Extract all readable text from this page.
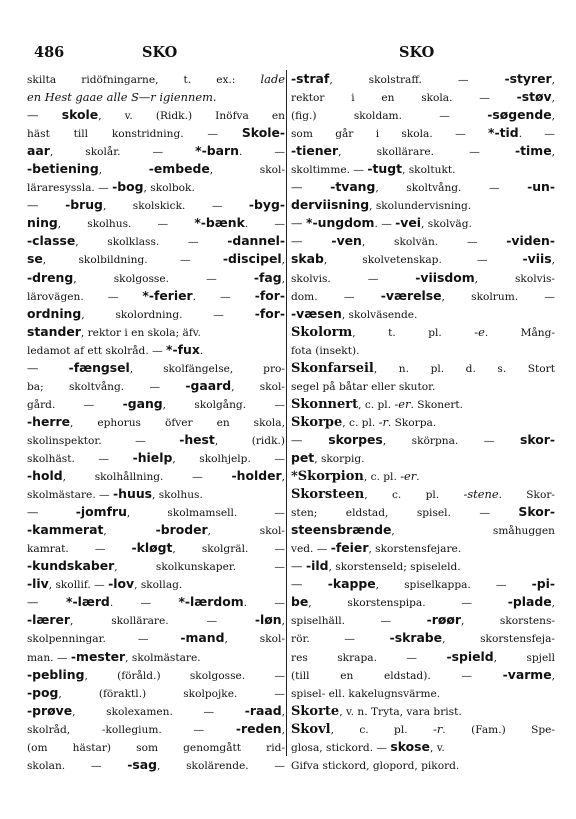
486	SKO	SKO
skilta ridöfningarne, t. ex.: lade
en Hest gaae alle S—r igiennem.
— skole, v. (Ridk.) Inöfva en
häst till konstridning. — Skole-
aar, skolår. — *-barn. —
-betiening, -embede, skol-
läraresyssla. — -bog, skolbok.
— -brug, skolskick. — -byg-
ning, skolhus. — *-bænk. —
-classe, skolklass. — -dannel-
se, skolbildning. — -discipel,
-dreng, skolgosse. — -fag,
lärovägen. — *-ferier. — -for-
ordning, skolordning. — -for-
stander, rektor i en skola; äfv.
ledamot af ett skolråd. — *-fux.
— -fængsel, skolfängelse, pro-
ba; skoltvång. — -gaard, skol-
gård. — -gang, skolgång. —
-herre, ephorus öfver en skola,
skolinspektor. — -hest, (ridk.)
skolhäst. — -hielp, skolhjelp. —
-hold, skolhållning. — -holder,
skolmästare. — -huus, skolhus.
— -jomfru, skolmamsell. —
-kammerat, -broder, skol-
kamrat. — -kløgt, skolgräl. —
-kundskaber, skolkunskaper. —
-liv, skollif. — -lov, skollag.
— *-lærd. — *-lærdom. —
-lærer, skollärare. — -løn,
skolpenningar. — -mand, skol-
man. — -mester, skolmästare.
-pebling, (föråld.) skolgosse. —
-pog, (föraktl.) skolpojke. —
-prøve, skolexamen. — -raad,
skolråd, -kollegium. — -reden,
(om hästar) som genomgått rid-
skolan. — -sag, skolärende. —
-straf, skolstraff. — -styrer,
rektor i en skola. — -støv,
(fig.) skoldam. — -søgende,
som går i skola. — *-tid. —
-tiener, skollärare. — -time,
skoltimme. — -tugt, skoltukt.
— -tvang, skoltvång. — -un-
derviisning, skolundervisning.
— *-ungdom. — -vei, skolväg.
— -ven, skolvän. — -viden-
skab, skolvetenskap. — -viis,
skolvis. — -viisdom, skolvis-
dom. — -værelse, skolrum. —
-væsen, skolväsende.
Skolorm, t. pl. -e. Mång-
fota (insekt).
Skonfarseil, n. pl. d. s. Stort
segel på båtar eller skutor.
Skonnert, c. pl. -er. Skonert.
Skorpe, c. pl. -r. Skorpa.
— skorpes, skörpna. — skor-
pet, skorpig.
*Skorpion, c. pl. -er.
Skorsteen, c. pl. -stene. Skor-
sten; eldstad, spisel. — Skor-
steensbrænde, småhuggen
ved. — -feier, skorstensfejare.
— -ild, skorstenseld; spiseleld.
— -kappe, spiselkappa. — -pi-
be, skorstenspipa. — -plade,
spiselhäll. — -røør, skorstens-
rör. — -skrabe, skorstensfeja-
res skrapa. — -spield, spjell
(till en eldstad). — -varme,
spisel- ell. kakelugnsvärme.
Skorte, v. n. Tryta, vara brist.
Skovl, c. pl. -r. (Fam.) Spe-
glosa, stickord. — skose, v.
Gifva stickord, glopord, pikord.
